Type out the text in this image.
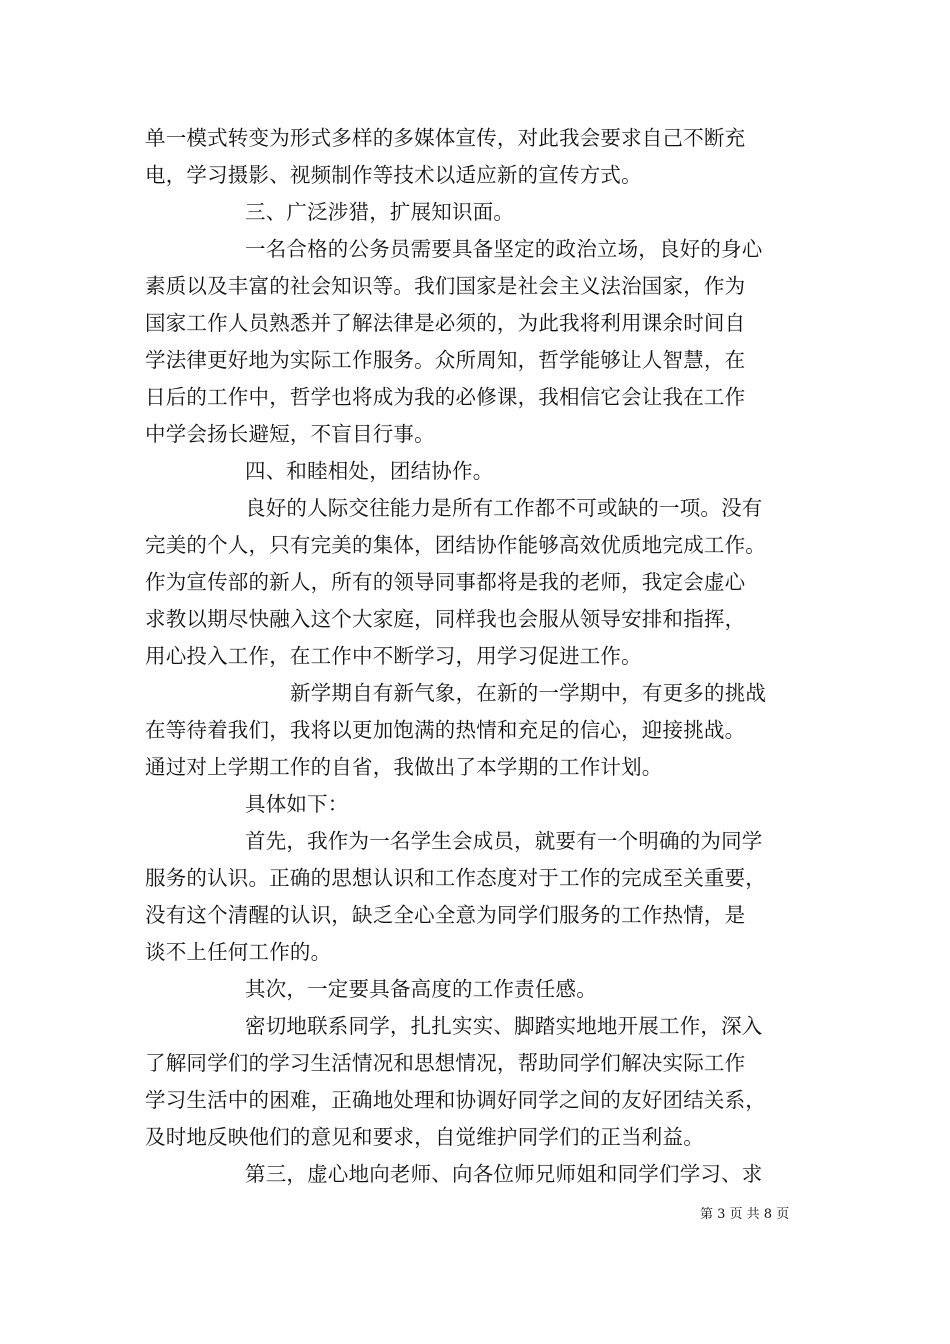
单一模式转变为形式多样的多媒体宣传，对此我会要求自己不断充
电，学习摄影、视频制作等技术以适应新的宣传方式。
三、广泛涉猎，扩展知识面。
一名合格的公务员需要具备坚定的政治立场，良好的身心
素质以及丰富的社会知识等。我们国家是社会主义法治国家，作为
国家工作人员熟悉并了解法律是必须的，为此我将利用课余时间自
学法律更好地为实际工作服务。众所周知，哲学能够让人智慧，在
日后的工作中，哲学也将成为我的必修课，我相信它会让我在工作
中学会扬长避短，不盲目行事。
四、和睦相处，团结协作。
良好的人际交往能力是所有工作都不可或缺的一项。没有
完美的个人，只有完美的集体，团结协作能够高效优质地完成工作。
作为宣传部的新人，所有的领导同事都将是我的老师，我定会虚心
求教以期尽快融入这个大家庭，同样我也会服从领导安排和指挥，
用心投入工作，在工作中不断学习，用学习促进工作。
新学期自有新气象，在新的一学期中，有更多的挑战
在等待着我们，我将以更加饱满的热情和充足的信心，迎接挑战。
通过对上学期工作的自省，我做出了本学期的工作计划。
具体如下：
首先，我作为一名学生会成员，就要有一个明确的为同学
服务的认识。正确的思想认识和工作态度对于工作的完成至关重要，
没有这个清醒的认识，缺乏全心全意为同学们服务的工作热情，是
谈不上任何工作的。
其次，一定要具备高度的工作责任感。
密切地联系同学，扎扎实实、脚踏实地地开展工作，深入
了解同学们的学习生活情况和思想情况，帮助同学们解决实际工作
学习生活中的困难，正确地处理和协调好同学之间的友好团结关系，
及时地反映他们的意见和要求，自觉维护同学们的正当利益。
第三，虚心地向老师、向各位师兄师姐和同学们学习、求
第 3 页 共 8 页
